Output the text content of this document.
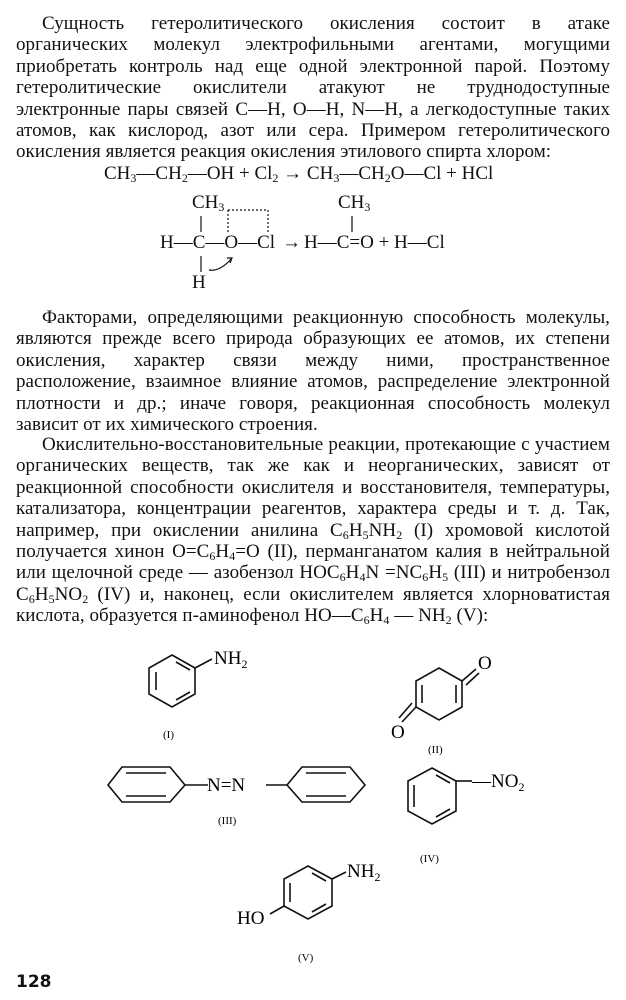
Сущность гетеролитического окисления состоит в атаке органических молекул электрофильными агентами, могущими приобретать контроль над еще одной электронной парой. Поэтому гетеролитические окислители атакуют не труднодоступные электронные пары связей С—Н, О—Н, N—Н, а легкодоступные таких атомов, как кислород, азот или сера. Примером гетеролитического окисления является реакция окисления этилового спирта хлором:

$CH_3—CH_2—OH + Cl_2$ → $CH_3—CH_2O—Cl$ + HCl
$CH_3$	$CH_3$
H—C—O—Cl → H—C=O + H—Cl
H
$NH_2$
(I)
O
O
(II)
N=N
(III)
$—NO_2$
(IV)
$NH_2$
HO
(V)

Факторами, определяющими реакционную способность молекулы, являются прежде всего природа образующих ее атомов, их степени окисления, характер связи между ними, пространственное расположение, взаимное влияние атомов, распределение электронной плотности и др.; иначе говоря, реакционная способность молекул зависит от их химического строения.

Окислительно-восстановительные реакции, протекающие с участием органических веществ, так же как и неорганических, зависят от реакционной способности окислителя и восстановителя, температуры, катализатора, концентрации реагентов, характера среды и т. д. Так, например, при окислении анилина $C_6H_5NH_2$ (I) хромовой кислотой получается хинон $O=C_6H_4=O$ (II), перманганатом калия в нейтральной или щелочной среде — азобензол $HOC_6H_4N =NC_6H_5$ (III) и нитробензол $C_6H_5NO_2$ (IV) и, наконец, если окислителем является хлорноватистая кислота, образуется п-аминофенол $HO—C_6H_4$ — $NH_2$ (V):

128
